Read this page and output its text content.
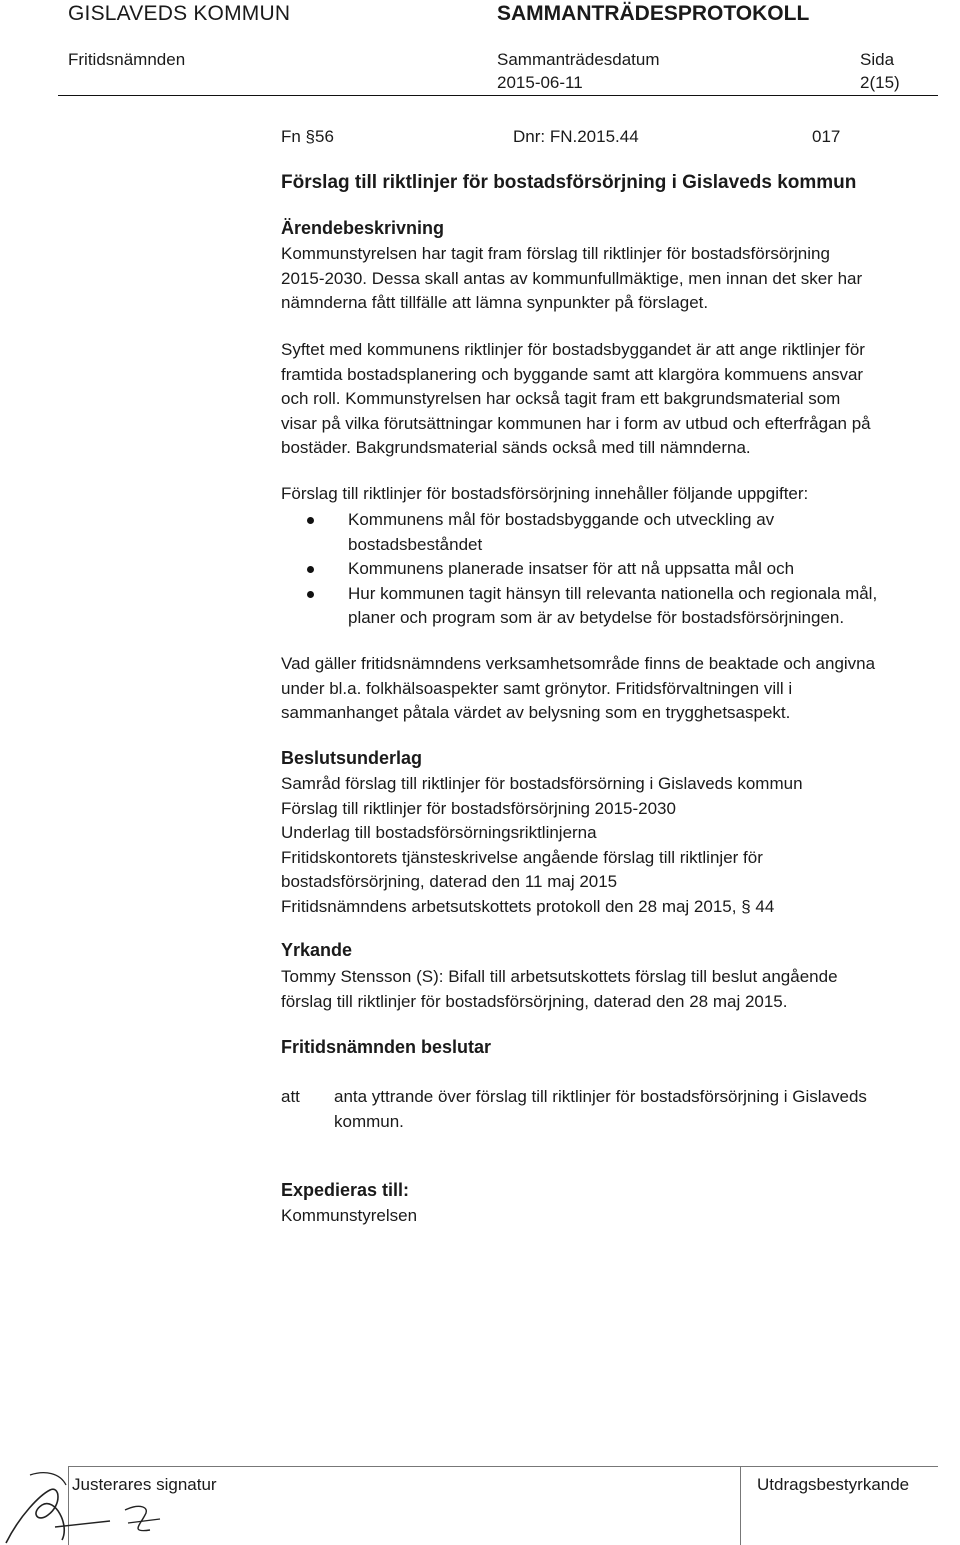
GISLAVEDS KOMMUN	SAMMANTRÄDESPROTOKOLL
Fritidsnämnden	Sammanträdesdatum	Sida
2015-06-11	2(15)
Fn §56	Dnr: FN.2015.44	017
Förslag till riktlinjer för bostadsförsörjning i Gislaveds kommun
Ärendebeskrivning
Kommunstyrelsen har tagit fram förslag till riktlinjer för bostadsförsörjning
2015-2030. Dessa skall antas av kommunfullmäktige, men innan det sker har
nämnderna fått tillfälle att lämna synpunkter på förslaget.
Syftet med kommunens riktlinjer för bostadsbyggandet är att ange riktlinjer för
framtida bostadsplanering och byggande samt att klargöra kommuens ansvar
och roll. Kommunstyrelsen har också tagit fram ett bakgrundsmaterial som
visar på vilka förutsättningar kommunen har i form av utbud och efterfrågan på
bostäder. Bakgrundsmaterial sänds också med till nämnderna.
Förslag till riktlinjer för bostadsförsörjning innehåller följande uppgifter:
Kommunens mål för bostadsbyggande och utveckling av
bostadsbeståndet
Kommunens planerade insatser för att nå uppsatta mål och
Hur kommunen tagit hänsyn till relevanta nationella och regionala mål,
planer och program som är av betydelse för bostadsförsörjningen.
Vad gäller fritidsnämndens verksamhetsområde finns de beaktade och angivna
under bl.a. folkhälsoaspekter samt grönytor. Fritidsförvaltningen vill i
sammanhanget påtala värdet av belysning som en trygghetsaspekt.
Beslutsunderlag
Samråd förslag till riktlinjer för bostadsförsörning i Gislaveds kommun
Förslag till riktlinjer för bostadsförsörjning 2015-2030
Underlag till bostadsförsörningsriktlinjerna
Fritidskontorets tjänsteskrivelse angående förslag till riktlinjer för
bostadsförsörjning, daterad den 11 maj 2015
Fritidsnämndens arbetsutskottets protokoll den 28 maj 2015, § 44
Yrkande
Tommy Stensson (S): Bifall till arbetsutskottets förslag till beslut angående
förslag till riktlinjer för bostadsförsörjning, daterad den 28 maj 2015.
Fritidsnämnden beslutar
att anta yttrande över förslag till riktlinjer för bostadsförsörjning i Gislaveds
kommun.
Expedieras till:
Kommunstyrelsen
Justerares signatur	Utdragsbestyrkande
